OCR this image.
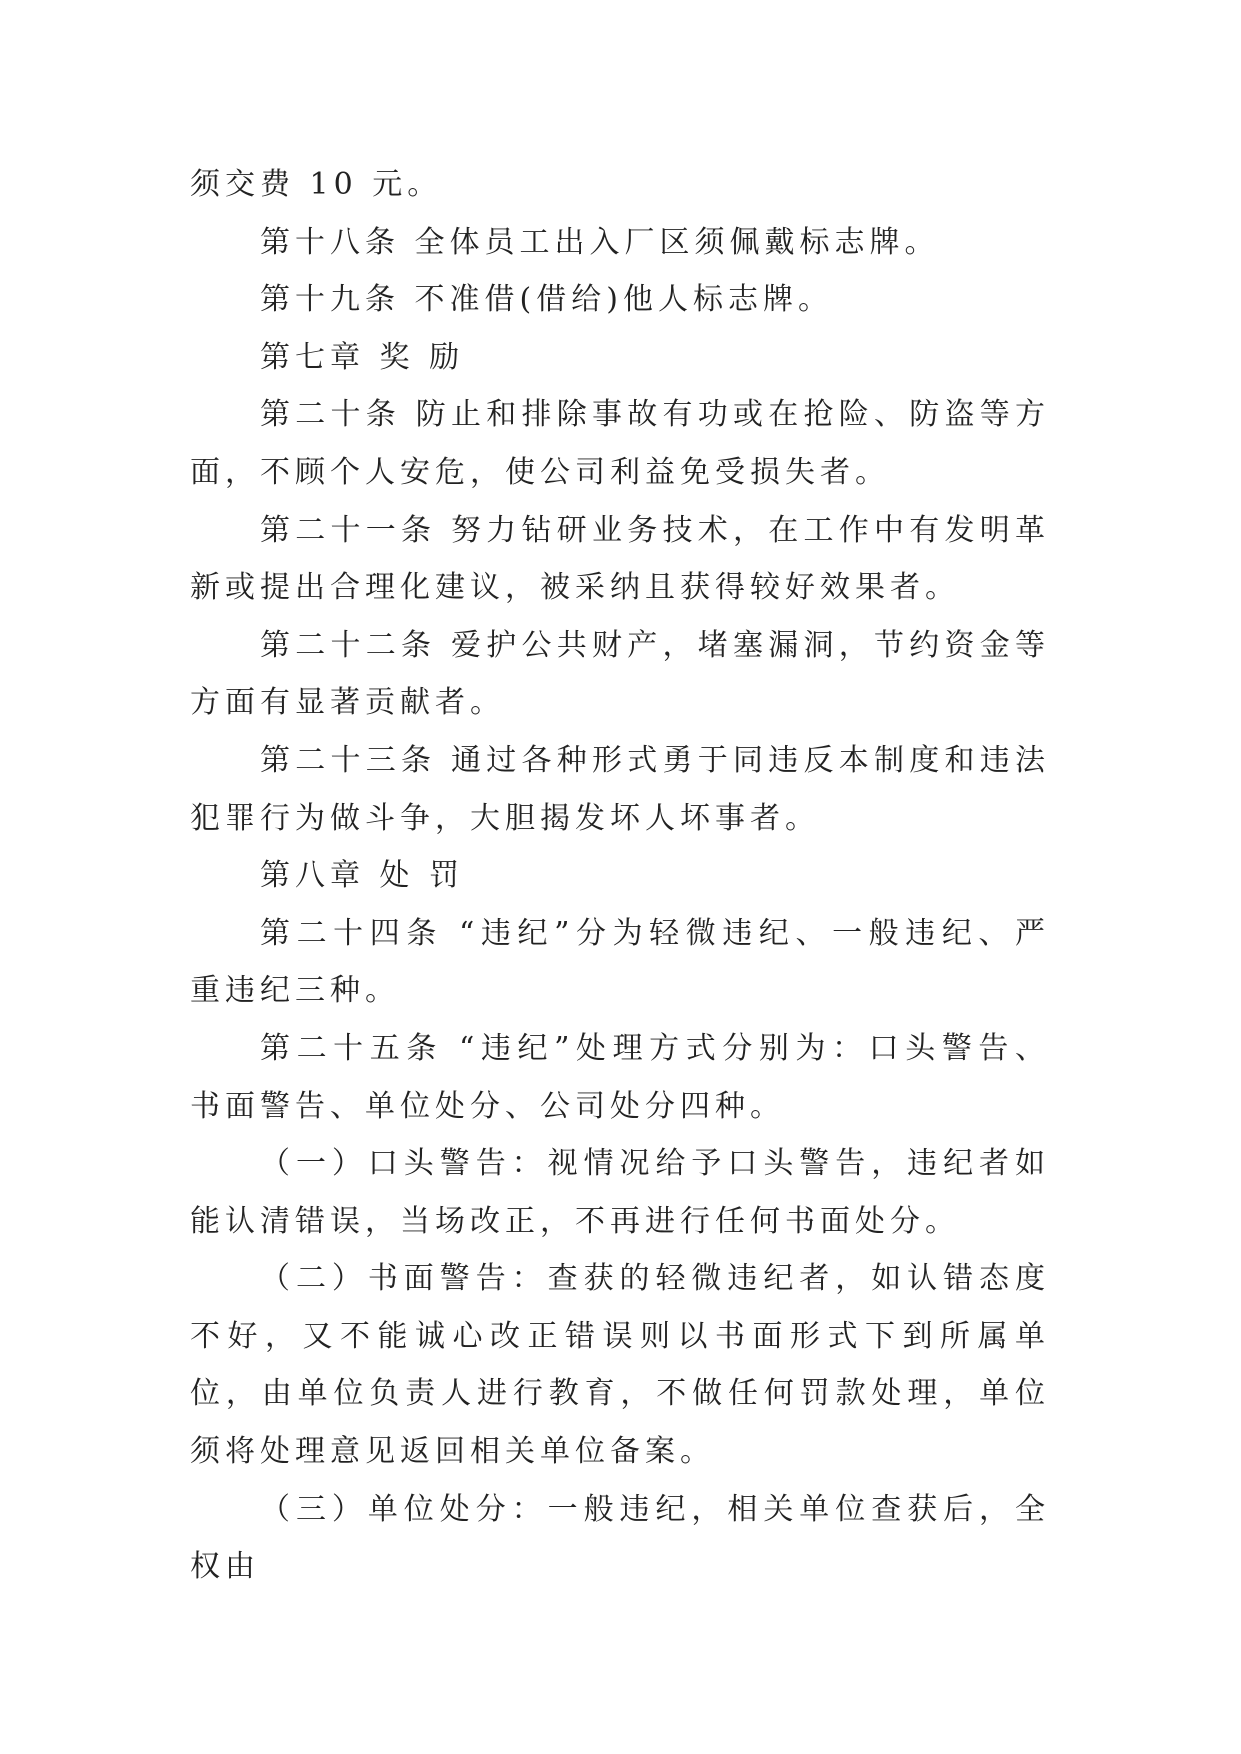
须交费 10 元。

第十八条 全体员工出入厂区须佩戴标志牌。

第十九条 不准借(借给)他人标志牌。

第七章 奖 励

第二十条 防止和排除事故有功或在抢险、防盗等方面，不顾个人安危，使公司利益免受损失者。

第二十一条 努力钻研业务技术，在工作中有发明革新或提出合理化建议，被采纳且获得较好效果者。

第二十二条 爱护公共财产，堵塞漏洞，节约资金等方面有显著贡献者。

第二十三条 通过各种形式勇于同违反本制度和违法犯罪行为做斗争，大胆揭发坏人坏事者。

第八章 处 罚

第二十四条 “违纪”分为轻微违纪、一般违纪、严重违纪三种。

第二十五条 “违纪”处理方式分别为：口头警告、书面警告、单位处分、公司处分四种。

（一）口头警告：视情况给予口头警告，违纪者如能认清错误，当场改正，不再进行任何书面处分。

（二）书面警告：查获的轻微违纪者，如认错态度不好，又不能诚心改正错误则以书面形式下到所属单位，由单位负责人进行教育，不做任何罚款处理，单位须将处理意见返回相关单位备案。

（三）单位处分：一般违纪，相关单位查获后，全权由
